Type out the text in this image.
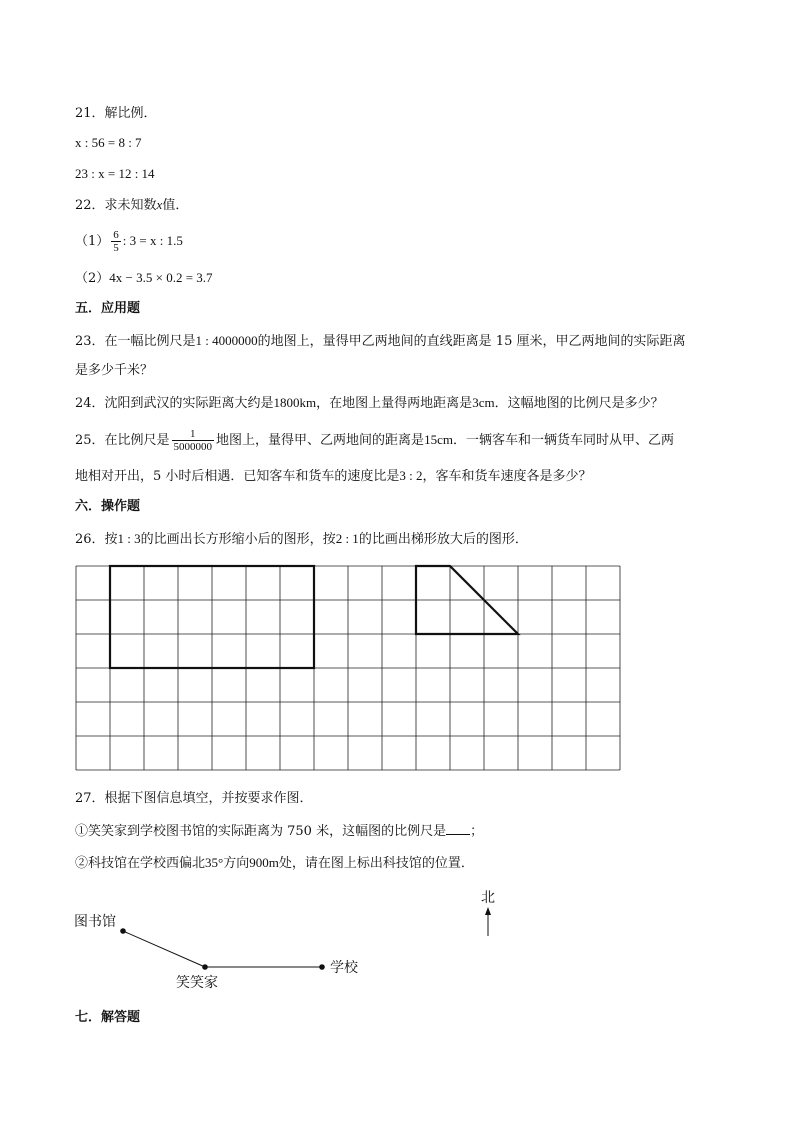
21．解比例．
x : 56 = 8 : 7
23 : x = 12 : 14
22．求未知数x值．
$(1) \frac{6}{5}$ : 3 = x : 1.5
（2）4x − 3.5 × 0.2 = 3.7
五．应用题
23．在一幅比例尺是1 : 4000000的地图上，量得甲乙两地间的直线距离是 15 厘米，甲乙两地间的实际距离
是多少千米？
24．沈阳到武汉的实际距离大约是1800km，在地图上量得两地距离是3cm．这幅地图的比例尺是多少？
25．在比例尺是 $\frac{1}{5000000}$ 地图上，量得甲、乙两地间的距离是15cm．一辆客车和一辆货车同时从甲、乙两
地相对开出，5 小时后相遇．已知客车和货车的速度比是3 : 2，客车和货车速度各是多少？
六．操作题
26．按1 : 3的比画出长方形缩小后的图形，按2 : 1的比画出梯形放大后的图形．
27．根据下图信息填空，并按要求作图．
①笑笑家到学校图书馆的实际距离为 750 米，这幅图的比例尺是 ；
②科技馆在学校西偏北35°方向900m处，请在图上标出科技馆的位置．
图书馆
笑笑家
学校
北
七．解答题
